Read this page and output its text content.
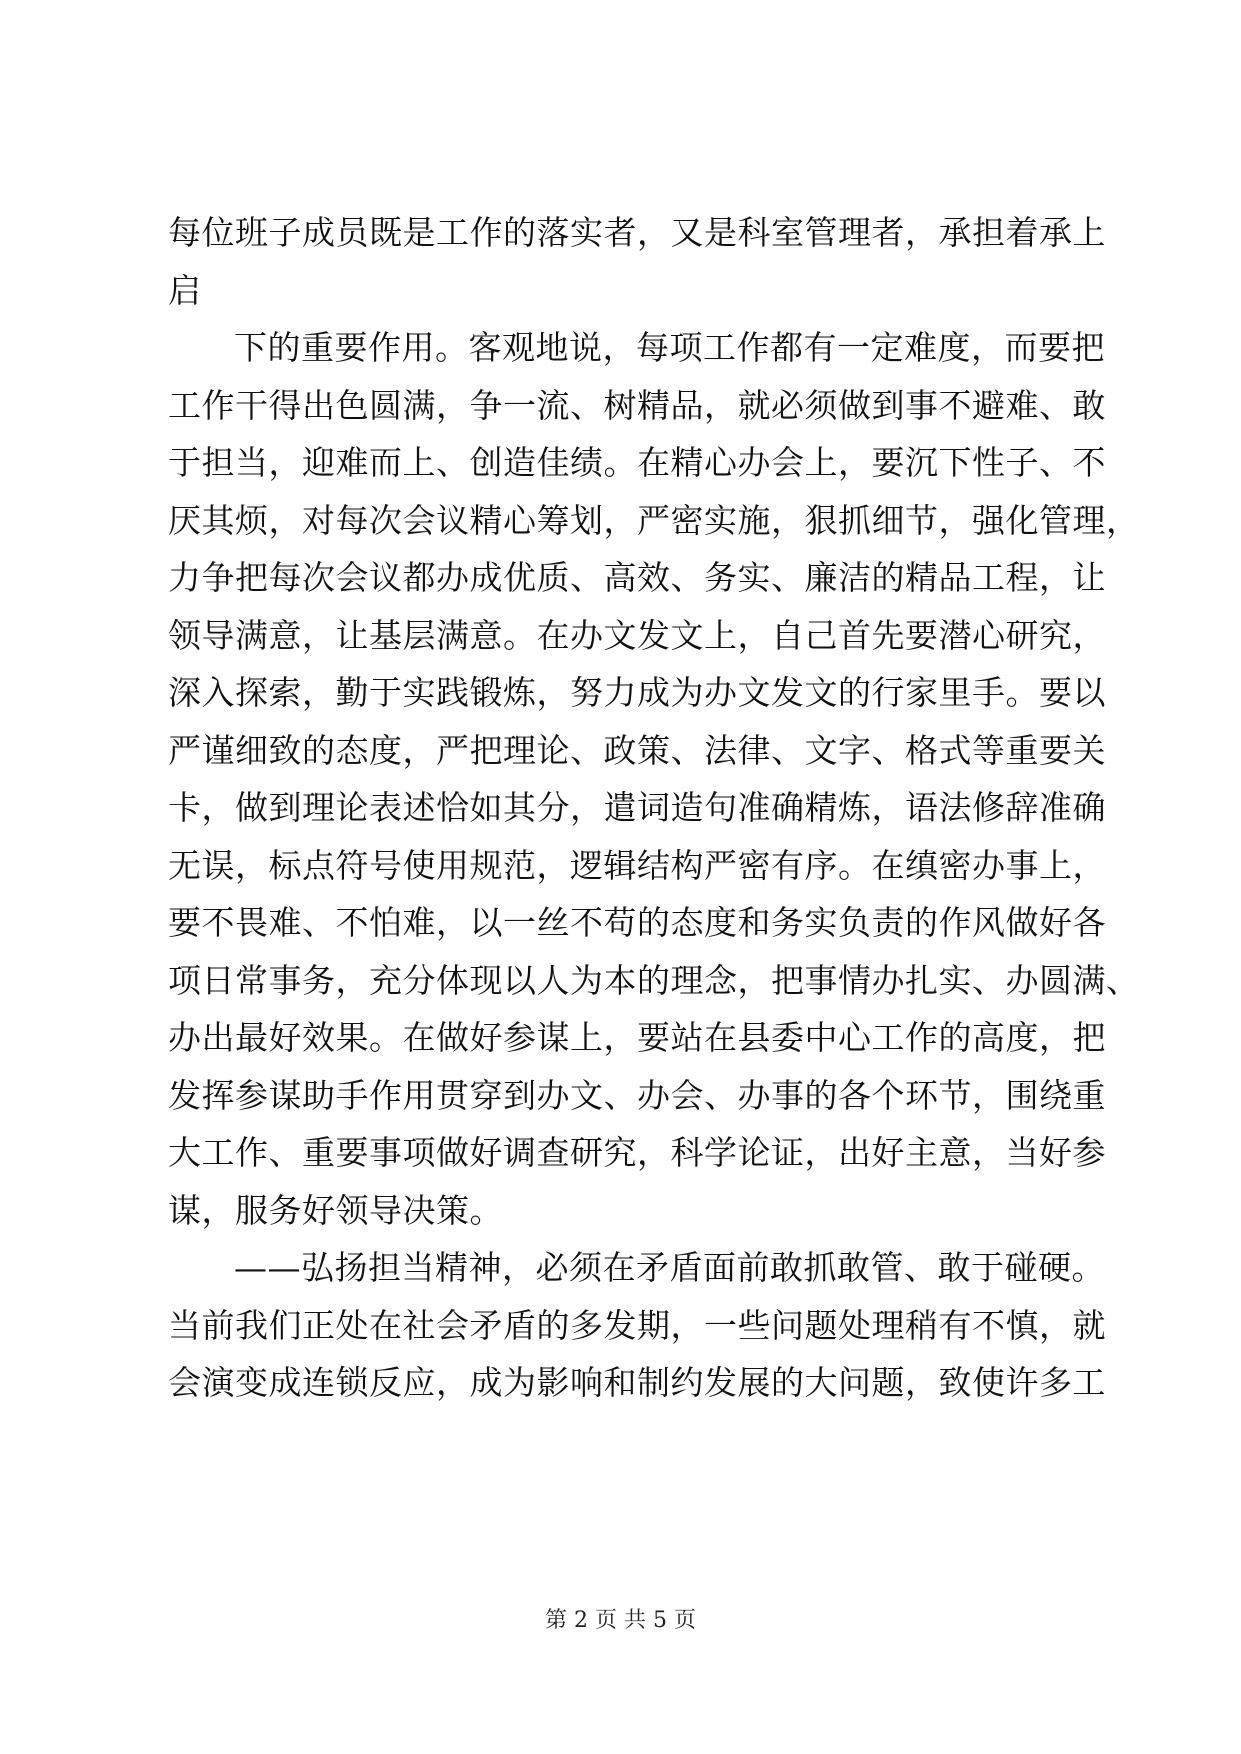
每位班子成员既是工作的落实者，又是科室管理者，承担着承上
启
下的重要作用。客观地说，每项工作都有一定难度，而要把
工作干得出色圆满，争一流、树精品，就必须做到事不避难、敢
于担当，迎难而上、创造佳绩。在精心办会上，要沉下性子、不
厌其烦，对每次会议精心筹划，严密实施，狠抓细节，强化管理，
力争把每次会议都办成优质、高效、务实、廉洁的精品工程，让
领导满意，让基层满意。在办文发文上，自己首先要潜心研究，
深入探索，勤于实践锻炼，努力成为办文发文的行家里手。要以
严谨细致的态度，严把理论、政策、法律、文字、格式等重要关
卡，做到理论表述恰如其分，遣词造句准确精炼，语法修辞准确
无误，标点符号使用规范，逻辑结构严密有序。在缜密办事上，
要不畏难、不怕难，以一丝不苟的态度和务实负责的作风做好各
项日常事务，充分体现以人为本的理念，把事情办扎实、办圆满、
办出最好效果。在做好参谋上，要站在县委中心工作的高度，把
发挥参谋助手作用贯穿到办文、办会、办事的各个环节，围绕重
大工作、重要事项做好调查研究，科学论证，出好主意，当好参
谋，服务好领导决策。
——弘扬担当精神，必须在矛盾面前敢抓敢管、敢于碰硬。
当前我们正处在社会矛盾的多发期，一些问题处理稍有不慎，就
会演变成连锁反应，成为影响和制约发展的大问题，致使许多工
第 2 页 共 5 页
